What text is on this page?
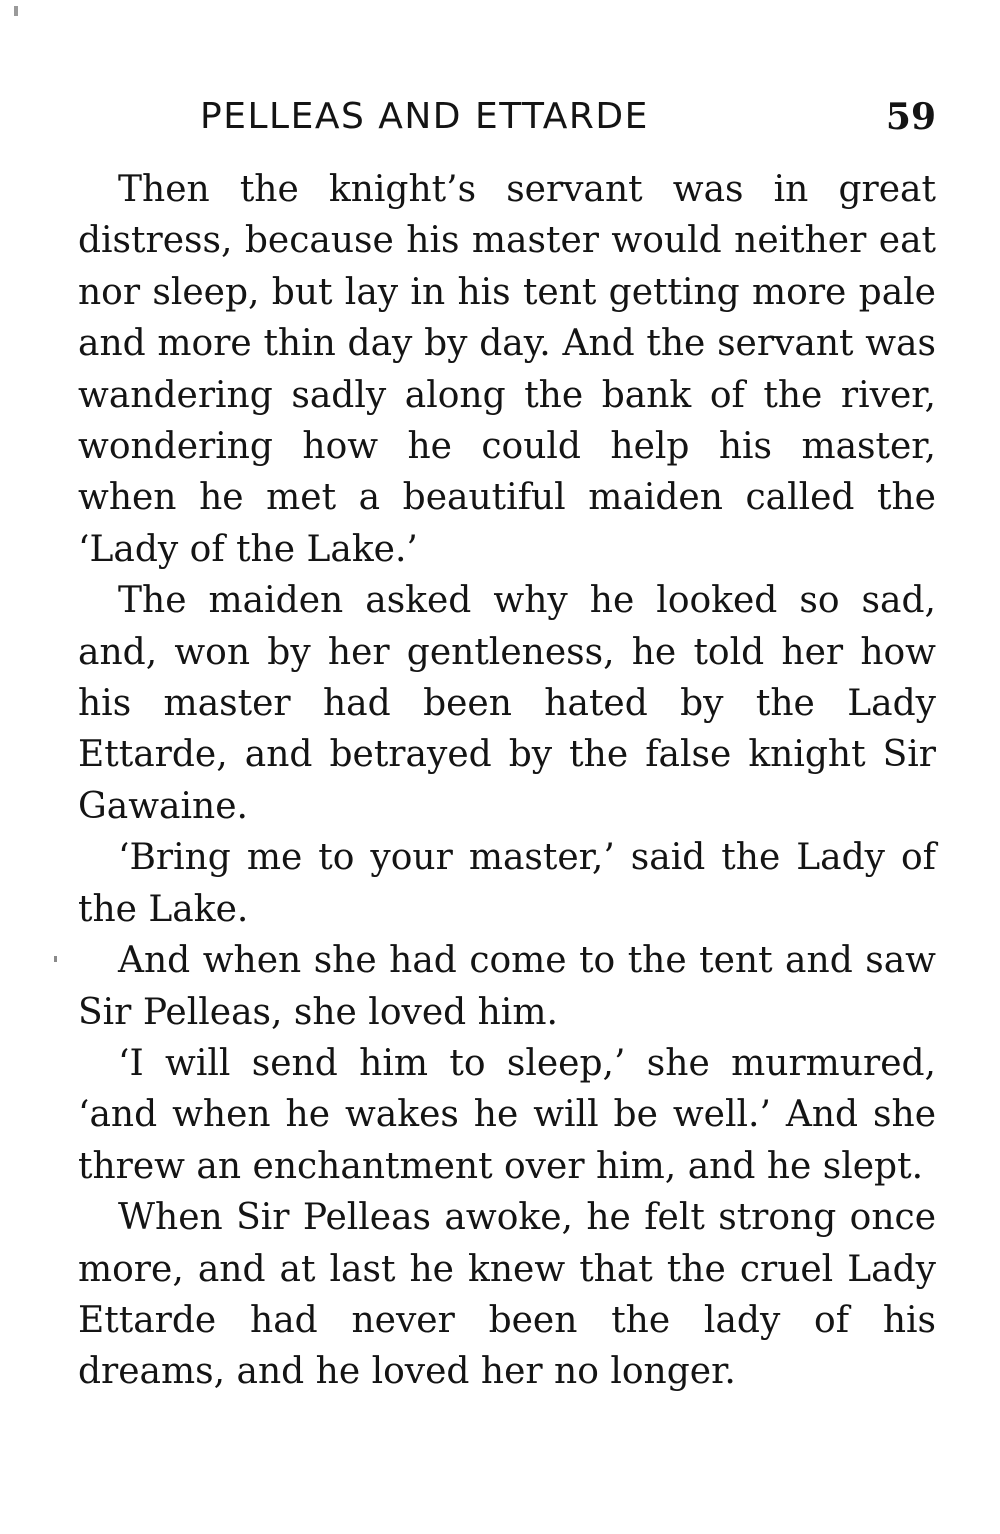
PELLEAS AND ETTARDE	59

Then the knight’s servant was in great distress, because his master would neither eat nor sleep, but lay in his tent getting more pale and more thin day by day. And the servant was wandering sadly along the bank of the river, wondering how he could help his master, when he met a beautiful maiden called the ‘Lady of the Lake.’

The maiden asked why he looked so sad, and, won by her gentleness, he told her how his master had been hated by the Lady Ettarde, and betrayed by the false knight Sir Gawaine.

‘Bring me to your master,’ said the Lady of the Lake.

And when she had come to the tent and saw Sir Pelleas, she loved him.

‘I will send him to sleep,’ she murmured, ‘and when he wakes he will be well.’ And she threw an enchantment over him, and he slept.

When Sir Pelleas awoke, he felt strong once more, and at last he knew that the cruel Lady Ettarde had never been the lady of his dreams, and he loved her no longer.
